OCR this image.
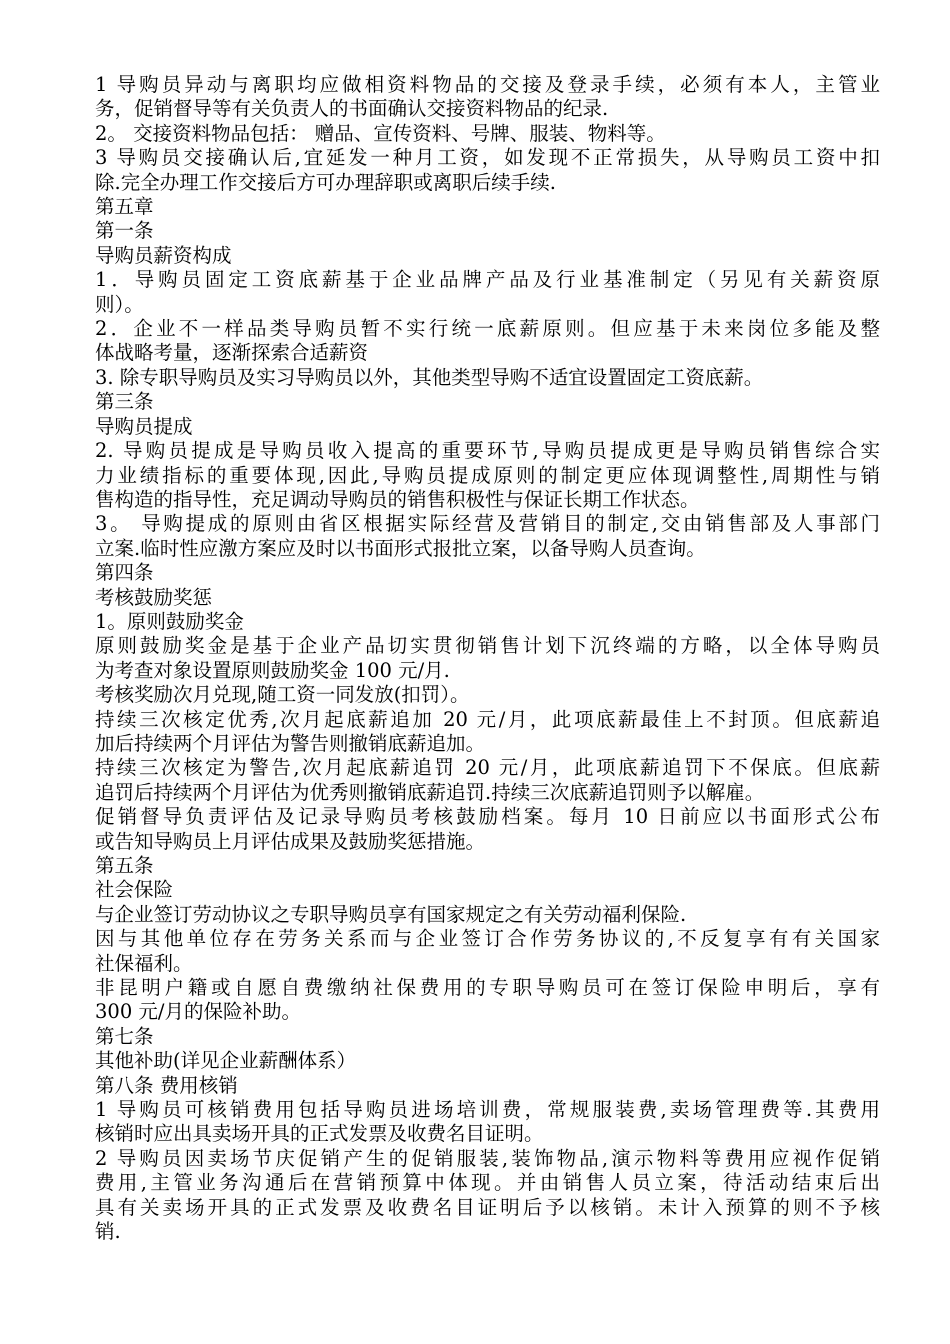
1 导购员异动与离职均应做相资料物品的交接及登录手续，必须有本人，主管业
务，促销督导等有关负责人的书面确认交接资料物品的纪录.
2。 交接资料物品包括： 赠品、宣传资料、号牌、服装、物料等。
3 导购员交接确认后,宜延发一种月工资，如发现不正常损失，从导购员工资中扣
除.完全办理工作交接后方可办理辞职或离职后续手续.
第五章
第一条
导购员薪资构成
1．导购员固定工资底薪基于企业品牌产品及行业基准制定（另见有关薪资原
则）。
2．企业不一样品类导购员暂不实行统一底薪原则。但应基于未来岗位多能及整
体战略考量，逐渐探索合适薪资
3. 除专职导购员及实习导购员以外，其他类型导购不适宜设置固定工资底薪。
第三条
导购员提成
2. 导购员提成是导购员收入提高的重要环节,导购员提成更是导购员销售综合实
力业绩指标的重要体现,因此,导购员提成原则的制定更应体现调整性,周期性与销
售构造的指导性，充足调动导购员的销售积极性与保证长期工作状态。
3。 导购提成的原则由省区根据实际经营及营销目的制定,交由销售部及人事部门
立案.临时性应激方案应及时以书面形式报批立案，以备导购人员查询。
第四条
考核鼓励奖惩
1。原则鼓励奖金
原则鼓励奖金是基于企业产品切实贯彻销售计划下沉终端的方略，以全体导购员
为考查对象设置原则鼓励奖金 100 元/月.
考核奖励次月兑现,随工资一同发放(扣罚）。
持续三次核定优秀,次月起底薪追加 20 元/月，此项底薪最佳上不封顶。但底薪追
加后持续两个月评估为警告则撤销底薪追加。
持续三次核定为警告,次月起底薪追罚 20 元/月，此项底薪追罚下不保底。但底薪
追罚后持续两个月评估为优秀则撤销底薪追罚.持续三次底薪追罚则予以解雇。
促销督导负责评估及记录导购员考核鼓励档案。每月 10 日前应以书面形式公布
或告知导购员上月评估成果及鼓励奖惩措施。
第五条
社会保险
与企业签订劳动协议之专职导购员享有国家规定之有关劳动福利保险.
因与其他单位存在劳务关系而与企业签订合作劳务协议的,不反复享有有关国家
社保福利。
非昆明户籍或自愿自费缴纳社保费用的专职导购员可在签订保险申明后，享有
300 元/月的保险补助。
第七条
其他补助(详见企业薪酬体系）
第八条 费用核销
1 导购员可核销费用包括导购员进场培训费，常规服装费,卖场管理费等.其费用
核销时应出具卖场开具的正式发票及收费名目证明。
2 导购员因卖场节庆促销产生的促销服装,装饰物品,演示物料等费用应视作促销
费用,主管业务沟通后在营销预算中体现。并由销售人员立案，待活动结束后出
具有关卖场开具的正式发票及收费名目证明后予以核销。未计入预算的则不予核
销.
